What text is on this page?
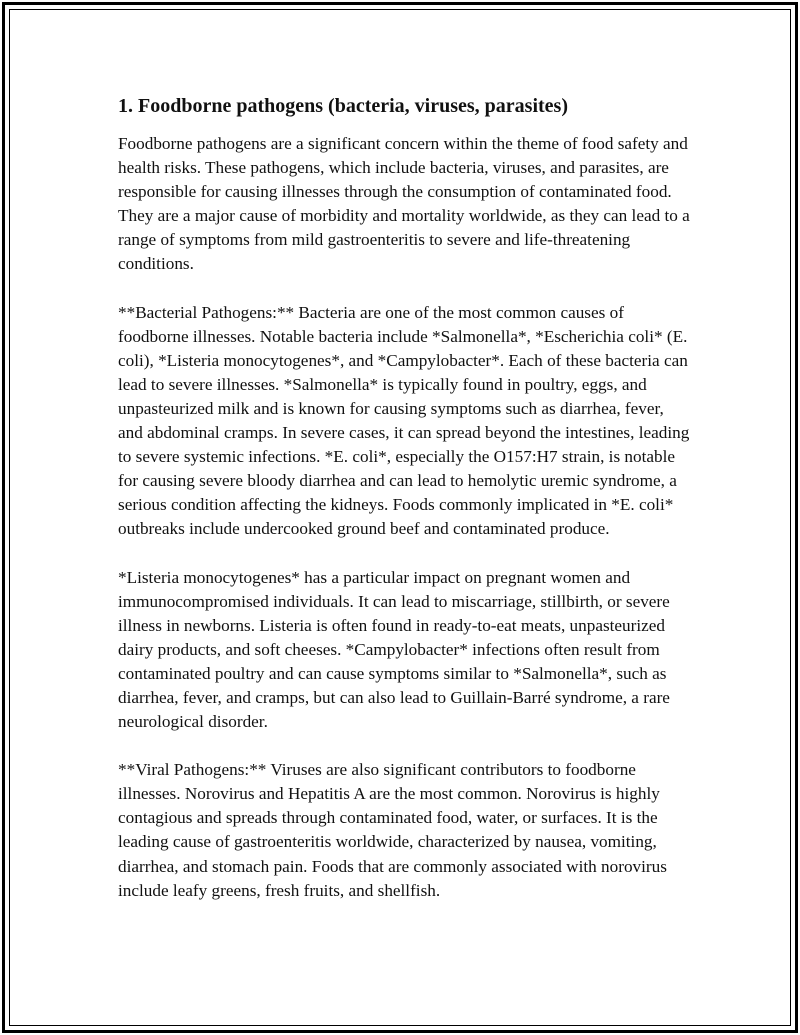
1. Foodborne pathogens (bacteria, viruses, parasites)

Foodborne pathogens are a significant concern within the theme of food safety and health risks. These pathogens, which include bacteria, viruses, and parasites, are responsible for causing illnesses through the consumption of contaminated food. They are a major cause of morbidity and mortality worldwide, as they can lead to a range of symptoms from mild gastroenteritis to severe and life-threatening conditions.

**Bacterial Pathogens:** Bacteria are one of the most common causes of foodborne illnesses. Notable bacteria include *Salmonella*, *Escherichia coli* (E. coli), *Listeria monocytogenes*, and *Campylobacter*. Each of these bacteria can lead to severe illnesses. *Salmonella* is typically found in poultry, eggs, and unpasteurized milk and is known for causing symptoms such as diarrhea, fever, and abdominal cramps. In severe cases, it can spread beyond the intestines, leading to severe systemic infections. *E. coli*, especially the O157:H7 strain, is notable for causing severe bloody diarrhea and can lead to hemolytic uremic syndrome, a serious condition affecting the kidneys. Foods commonly implicated in *E. coli* outbreaks include undercooked ground beef and contaminated produce.

*Listeria monocytogenes* has a particular impact on pregnant women and immunocompromised individuals. It can lead to miscarriage, stillbirth, or severe illness in newborns. Listeria is often found in ready-to-eat meats, unpasteurized dairy products, and soft cheeses. *Campylobacter* infections often result from contaminated poultry and can cause symptoms similar to *Salmonella*, such as diarrhea, fever, and cramps, but can also lead to Guillain-Barré syndrome, a rare neurological disorder.

**Viral Pathogens:** Viruses are also significant contributors to foodborne illnesses. Norovirus and Hepatitis A are the most common. Norovirus is highly contagious and spreads through contaminated food, water, or surfaces. It is the leading cause of gastroenteritis worldwide, characterized by nausea, vomiting, diarrhea, and stomach pain. Foods that are commonly associated with norovirus include leafy greens, fresh fruits, and shellfish.
